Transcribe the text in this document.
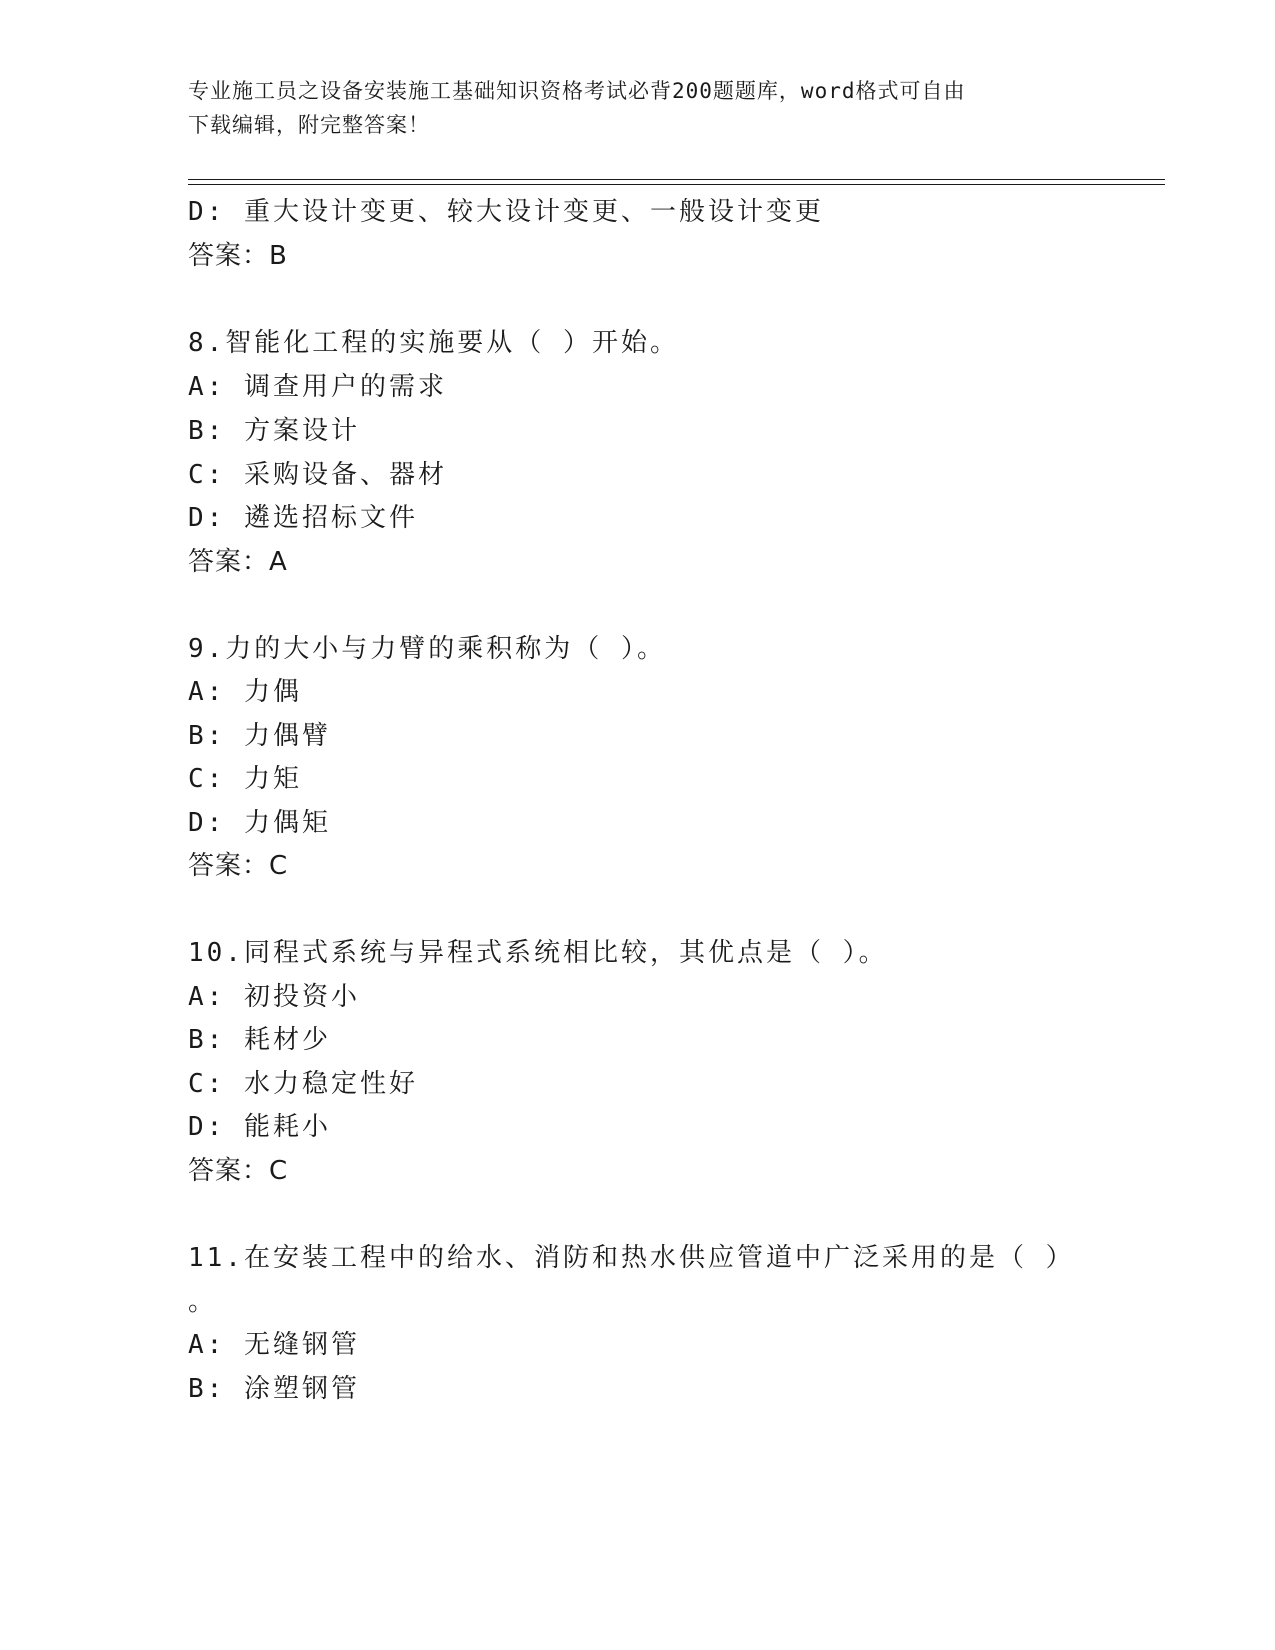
专业施工员之设备安装施工基础知识资格考试必背200题题库，word格式可自由
下载编辑，附完整答案！
D: 重大设计变更、较大设计变更、一般设计变更
答案：B
8.智能化工程的实施要从（ ）开始。
A: 调查用户的需求
B: 方案设计
C: 采购设备、器材
D: 遴选招标文件
答案：A
9.力的大小与力臂的乘积称为（ ）。
A: 力偶
B: 力偶臂
C: 力矩
D: 力偶矩
答案：C
10.同程式系统与异程式系统相比较，其优点是（ ）。
A: 初投资小
B: 耗材少
C: 水力稳定性好
D: 能耗小
答案：C
11.在安装工程中的给水、消防和热水供应管道中广泛采用的是（ ）
。
A: 无缝钢管
B: 涂塑钢管
